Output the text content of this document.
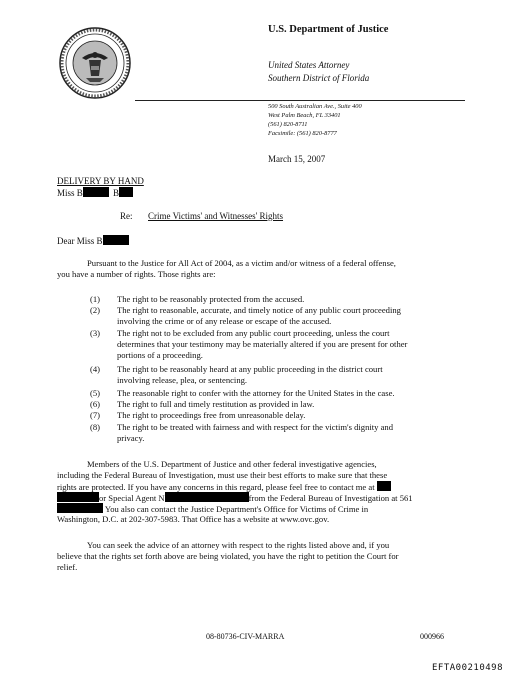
U.S. Department of Justice
United States Attorney
Southern District of Florida
500 South Australian Ave., Suite 400
West Palm Beach, FL 33401
(561) 820-8711
Facsimile: (561) 820-8777
March 15, 2007
DELIVERY BY HAND
Miss B	B
Re: Crime Victims' and Witnesses' Rights
Dear Miss B
Pursuant to the Justice for All Act of 2004, as a victim and/or witness of a federal offense,
you have a number of rights. Those rights are:
(1) The right to be reasonably protected from the accused.
(2) The right to reasonable, accurate, and timely notice of any public court proceeding
involving the crime or of any release or escape of the accused.
(3) The right not to be excluded from any public court proceeding, unless the court
determines that your testimony may be materially altered if you are present for other
portions of a proceeding.
(4) The right to be reasonably heard at any public proceeding in the district court
involving release, plea, or sentencing.
(5) The reasonable right to confer with the attorney for the United States in the case.
(6) The right to full and timely restitution as provided in law.
(7) The right to proceedings free from unreasonable delay.
(8) The right to be treated with fairness and with respect for the victim's dignity and
privacy.
Members of the U.S. Department of Justice and other federal investigative agencies,
including the Federal Bureau of Investigation, must use their best efforts to make sure that these
rights are protected. If you have any concerns in this regard, please feel free to contact me at
or Special Agent N	from the Federal Bureau of Investigation at 561
You also can contact the Justice Department's Office for Victims of Crime in
Washington, D.C. at 202-307-5983. That Office has a website at www.ovc.gov.
You can seek the advice of an attorney with respect to the rights listed above and, if you
believe that the rights set forth above are being violated, you have the right to petition the Court for
relief.
08-80736-CIV-MARRA	000966
EFTA00210498
